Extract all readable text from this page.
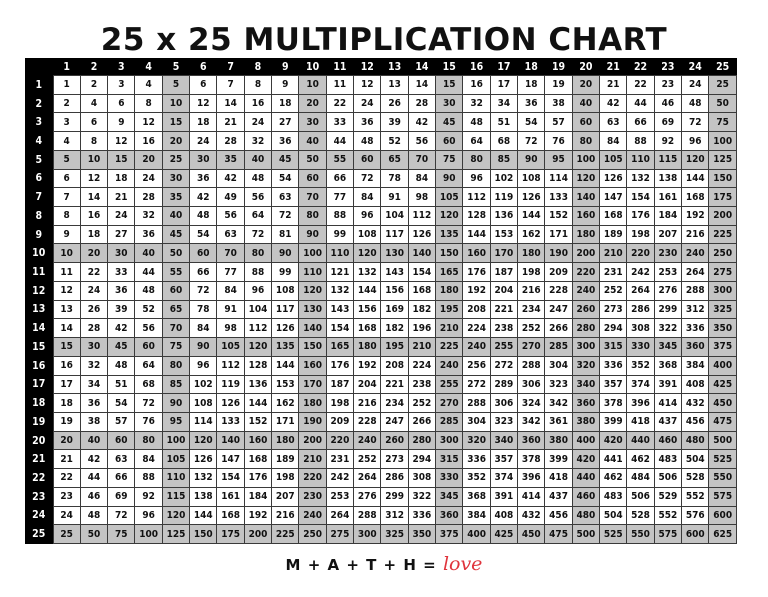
25 x 25 MULTIPLICATION CHART
	1	2	3	4	5	6	7	8	9	10	11	12	13	14	15	16	17	18	19	20	21	22	23	24	25
1	1	2	3	4	5	6	7	8	9	10	11	12	13	14	15	16	17	18	19	20	21	22	23	24	25
2	2	4	6	8	10	12	14	16	18	20	22	24	26	28	30	32	34	36	38	40	42	44	46	48	50
3	3	6	9	12	15	18	21	24	27	30	33	36	39	42	45	48	51	54	57	60	63	66	69	72	75
4	4	8	12	16	20	24	28	32	36	40	44	48	52	56	60	64	68	72	76	80	84	88	92	96	100
5	5	10	15	20	25	30	35	40	45	50	55	60	65	70	75	80	85	90	95	100	105	110	115	120	125
6	6	12	18	24	30	36	42	48	54	60	66	72	78	84	90	96	102	108	114	120	126	132	138	144	150
7	7	14	21	28	35	42	49	56	63	70	77	84	91	98	105	112	119	126	133	140	147	154	161	168	175
8	8	16	24	32	40	48	56	64	72	80	88	96	104	112	120	128	136	144	152	160	168	176	184	192	200
9	9	18	27	36	45	54	63	72	81	90	99	108	117	126	135	144	153	162	171	180	189	198	207	216	225
10	10	20	30	40	50	60	70	80	90	100	110	120	130	140	150	160	170	180	190	200	210	220	230	240	250
11	11	22	33	44	55	66	77	88	99	110	121	132	143	154	165	176	187	198	209	220	231	242	253	264	275
12	12	24	36	48	60	72	84	96	108	120	132	144	156	168	180	192	204	216	228	240	252	264	276	288	300
13	13	26	39	52	65	78	91	104	117	130	143	156	169	182	195	208	221	234	247	260	273	286	299	312	325
14	14	28	42	56	70	84	98	112	126	140	154	168	182	196	210	224	238	252	266	280	294	308	322	336	350
15	15	30	45	60	75	90	105	120	135	150	165	180	195	210	225	240	255	270	285	300	315	330	345	360	375
16	16	32	48	64	80	96	112	128	144	160	176	192	208	224	240	256	272	288	304	320	336	352	368	384	400
17	17	34	51	68	85	102	119	136	153	170	187	204	221	238	255	272	289	306	323	340	357	374	391	408	425
18	18	36	54	72	90	108	126	144	162	180	198	216	234	252	270	288	306	324	342	360	378	396	414	432	450
19	19	38	57	76	95	114	133	152	171	190	209	228	247	266	285	304	323	342	361	380	399	418	437	456	475
20	20	40	60	80	100	120	140	160	180	200	220	240	260	280	300	320	340	360	380	400	420	440	460	480	500
21	21	42	63	84	105	126	147	168	189	210	231	252	273	294	315	336	357	378	399	420	441	462	483	504	525
22	22	44	66	88	110	132	154	176	198	220	242	264	286	308	330	352	374	396	418	440	462	484	506	528	550
23	23	46	69	92	115	138	161	184	207	230	253	276	299	322	345	368	391	414	437	460	483	506	529	552	575
24	24	48	72	96	120	144	168	192	216	240	264	288	312	336	360	384	408	432	456	480	504	528	552	576	600
25	25	50	75	100	125	150	175	200	225	250	275	300	325	350	375	400	425	450	475	500	525	550	575	600	625
M + A + T + H = love
